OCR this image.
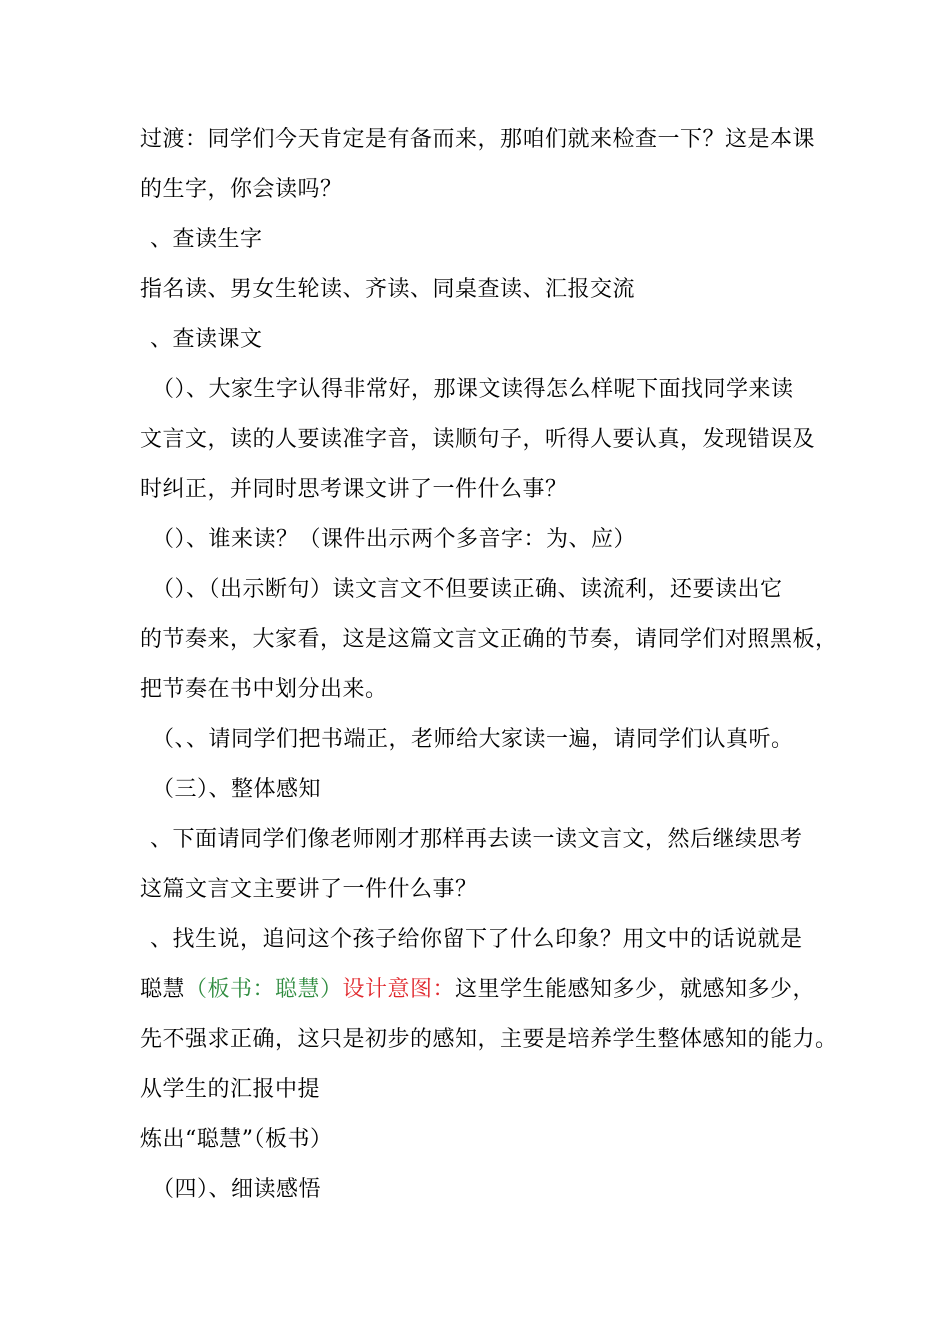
过渡：同学们今天肯定是有备而来，那咱们就来检查一下？这是本课
的生字，你会读吗？
、查读生字
指名读、男女生轮读、齐读、同桌查读、汇报交流
、查读课文
（）、大家生字认得非常好，那课文读得怎么样呢下面找同学来读
文言文，读的人要读准字音，读顺句子，听得人要认真，发现错误及
时纠正，并同时思考课文讲了一件什么事？
（）、谁来读？（课件出示两个多音字：为、应）
（）、（出示断句）读文言文不但要读正确、读流利，还要读出它
的节奏来，大家看，这是这篇文言文正确的节奏，请同学们对照黑板，
把节奏在书中划分出来。
（、、请同学们把书端正，老师给大家读一遍，请同学们认真听。
（三）、整体感知
、下面请同学们像老师刚才那样再去读一读文言文，然后继续思考
这篇文言文主要讲了一件什么事？
、找生说，追问这个孩子给你留下了什么印象？用文中的话说就是
聪慧（板书：聪慧）设计意图：这里学生能感知多少，就感知多少，
先不强求正确，这只是初步的感知，主要是培养学生整体感知的能力。
从学生的汇报中提
炼出“聪慧”（板书）
（四）、细读感悟
